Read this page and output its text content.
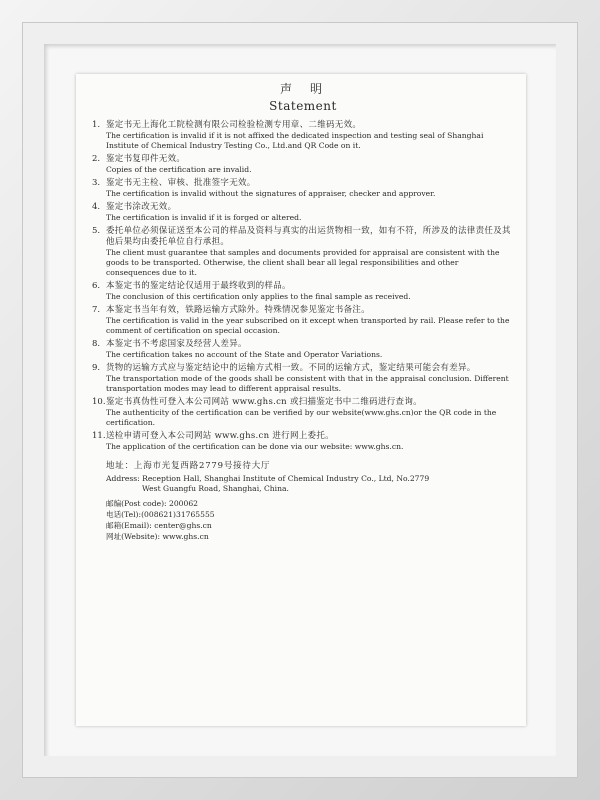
声明
Statement
1. 鉴定书无上海化工院检测有限公司检验检测专用章、二维码无效。
The certification is invalid if it is not affixed the dedicated inspection and testing seal of Shanghai Institute of Chemical Industry Testing Co., Ltd.and QR Code on it.
2. 鉴定书复印件无效。
Copies of the certification are invalid.
3. 鉴定书无主检、审核、批准签字无效。
The certification is invalid without the signatures of appraiser, checker and approver.
4. 鉴定书涂改无效。
The certification is invalid if it is forged or altered.
5. 委托单位必须保证送至本公司的样品及资料与真实的出运货物相一致，如有不符，所涉及的法律责任及其他后果均由委托单位自行承担。
The client must guarantee that samples and documents provided for appraisal are consistent with the goods to be transported. Otherwise, the client shall bear all legal responsibilities and other consequences due to it.
6. 本鉴定书的鉴定结论仅适用于最终收到的样品。
The conclusion of this certification only applies to the final sample as received.
7. 本鉴定书当年有效，铁路运输方式除外。特殊情况参见鉴定书备注。
The certification is valid in the year subscribed on it except when transported by rail. Please refer to the comment of certification on special occasion.
8. 本鉴定书不考虑国家及经营人差异。
The certification takes no account of the State and Operator Variations.
9. 货物的运输方式应与鉴定结论中的运输方式相一致。不同的运输方式，鉴定结果可能会有差异。
The transportation mode of the goods shall be consistent with that in the appraisal conclusion. Different transportation modes may lead to different appraisal results.
10. 鉴定书真伪性可登入本公司网站 www.ghs.cn 或扫描鉴定书中二维码进行查询。
The authenticity of the certification can be verified by our website(www.ghs.cn)or the QR code in the certification.
11. 送检申请可登入本公司网站 www.ghs.cn 进行网上委托。
The application of the certification can be done via our website: www.ghs.cn.
地址：上海市光复西路2779号接待大厅
Address: Reception Hall, Shanghai Institute of Chemical Industry Co., Ltd, No.2779
West Guangfu Road, Shanghai, China.
邮编(Post code): 200062
电话(Tel):(008621)31765555
邮箱(Email): center@ghs.cn
网址(Website): www.ghs.cn
